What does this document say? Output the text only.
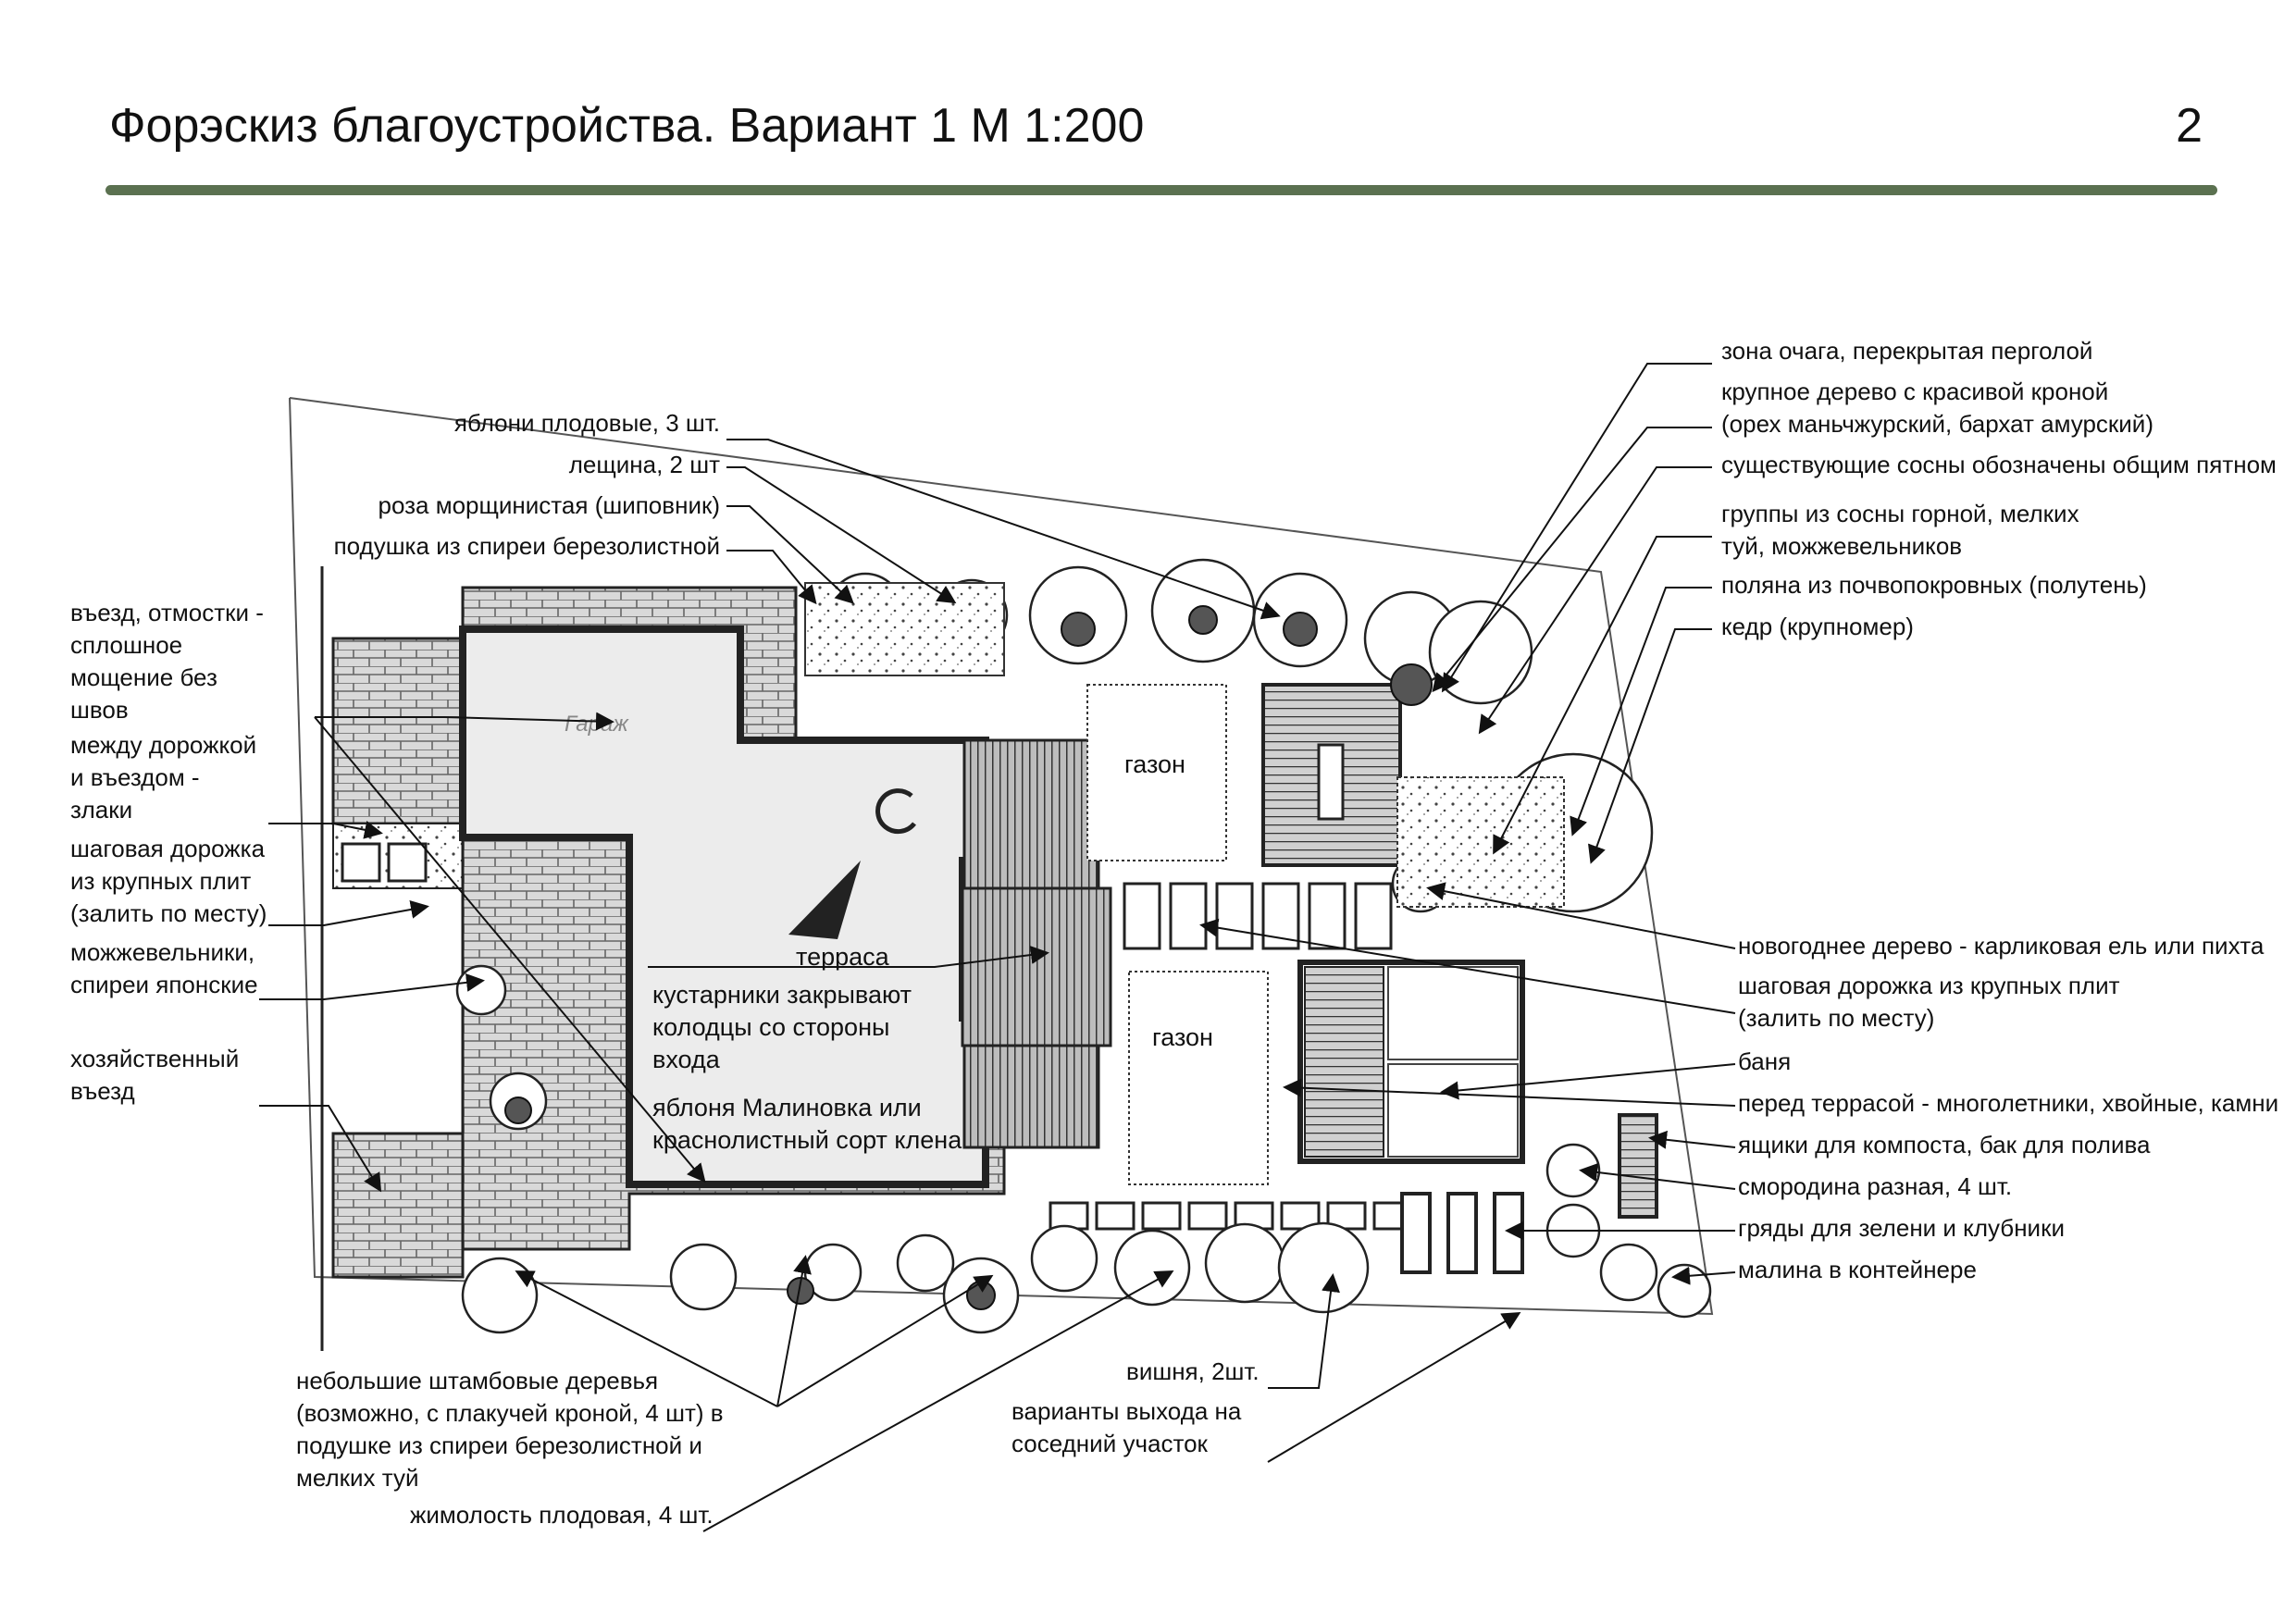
Форэскиз благоустройства. Вариант 1 М 1:200	2
Гараж
газон
газон
терраса
яблони плодовые, 3 шт.
лещина, 2 шт
роза морщинистая (шиповник)
подушка из спиреи березолистной
въезд, отмостки -
сплошное
мощение без
швов
между дорожкой
и въездом -
злаки
шаговая дорожка
из крупных плит
(залить по месту)
можжевельники,
спиреи японские
хозяйственный
въезд
кустарники закрывают
колодцы со стороны
входа
яблоня Малиновка или
краснолистный сорт клена
небольшие штамбовые деревья
(возможно, с плакучей кроной, 4 шт) в
подушке из спиреи березолистной и
мелких туй
жимолость плодовая, 4 шт.
вишня, 2шт.
варианты выхода на
соседний участок
зона очага, перекрытая перголой
крупное дерево с красивой кроной
(орех маньчжурский, бархат амурский)
существующие сосны обозначены общим пятном
группы из сосны горной, мелких
туй, можжевельников
поляна из почвопокровных (полутень)
кедр (крупномер)
новогоднее дерево - карликовая ель или пихта
шаговая дорожка из крупных плит
(залить по месту)
баня
перед террасой - многолетники, хвойные, камни
ящики для компоста, бак для полива
смородина разная, 4 шт.
гряды для зелени и клубники
малина в контейнере
